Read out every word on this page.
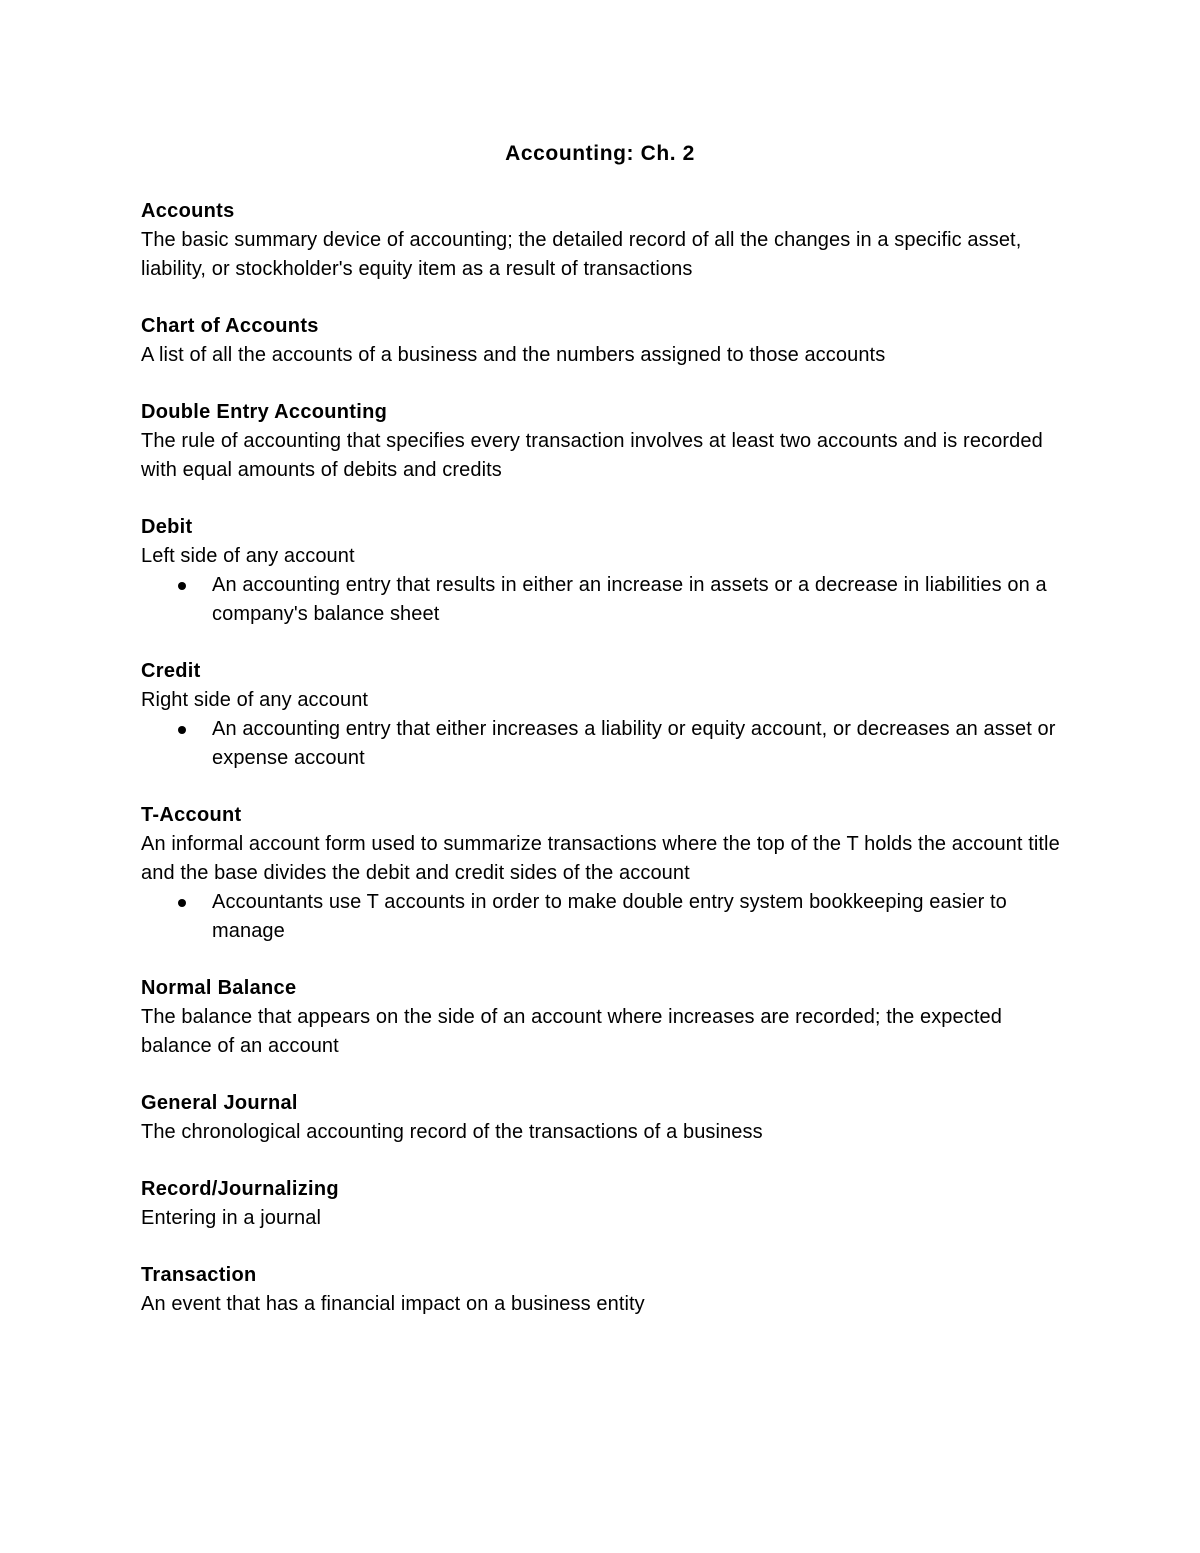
Accounting: Ch. 2
Accounts
The basic summary device of accounting; the detailed record of all the changes in a specific asset, liability, or stockholder's equity item as a result of transactions
Chart of Accounts
A list of all the accounts of a business and the numbers assigned to those accounts
Double Entry Accounting
The rule of accounting that specifies every transaction involves at least two accounts and is recorded with equal amounts of debits and credits
Debit
Left side of any account
An accounting entry that results in either an increase in assets or a decrease in liabilities on a company's balance sheet
Credit
Right side of any account
An accounting entry that either increases a liability or equity account, or decreases an asset or expense account
T-Account
An informal account form used to summarize transactions where the top of the T holds the account title and the base divides the debit and credit sides of the account
Accountants use T accounts in order to make double entry system bookkeeping easier to manage
Normal Balance
The balance that appears on the side of an account where increases are recorded; the expected balance of an account
General Journal
The chronological accounting record of the transactions of a business
Record/Journalizing
Entering in a journal
Transaction
An event that has a financial impact on a business entity
